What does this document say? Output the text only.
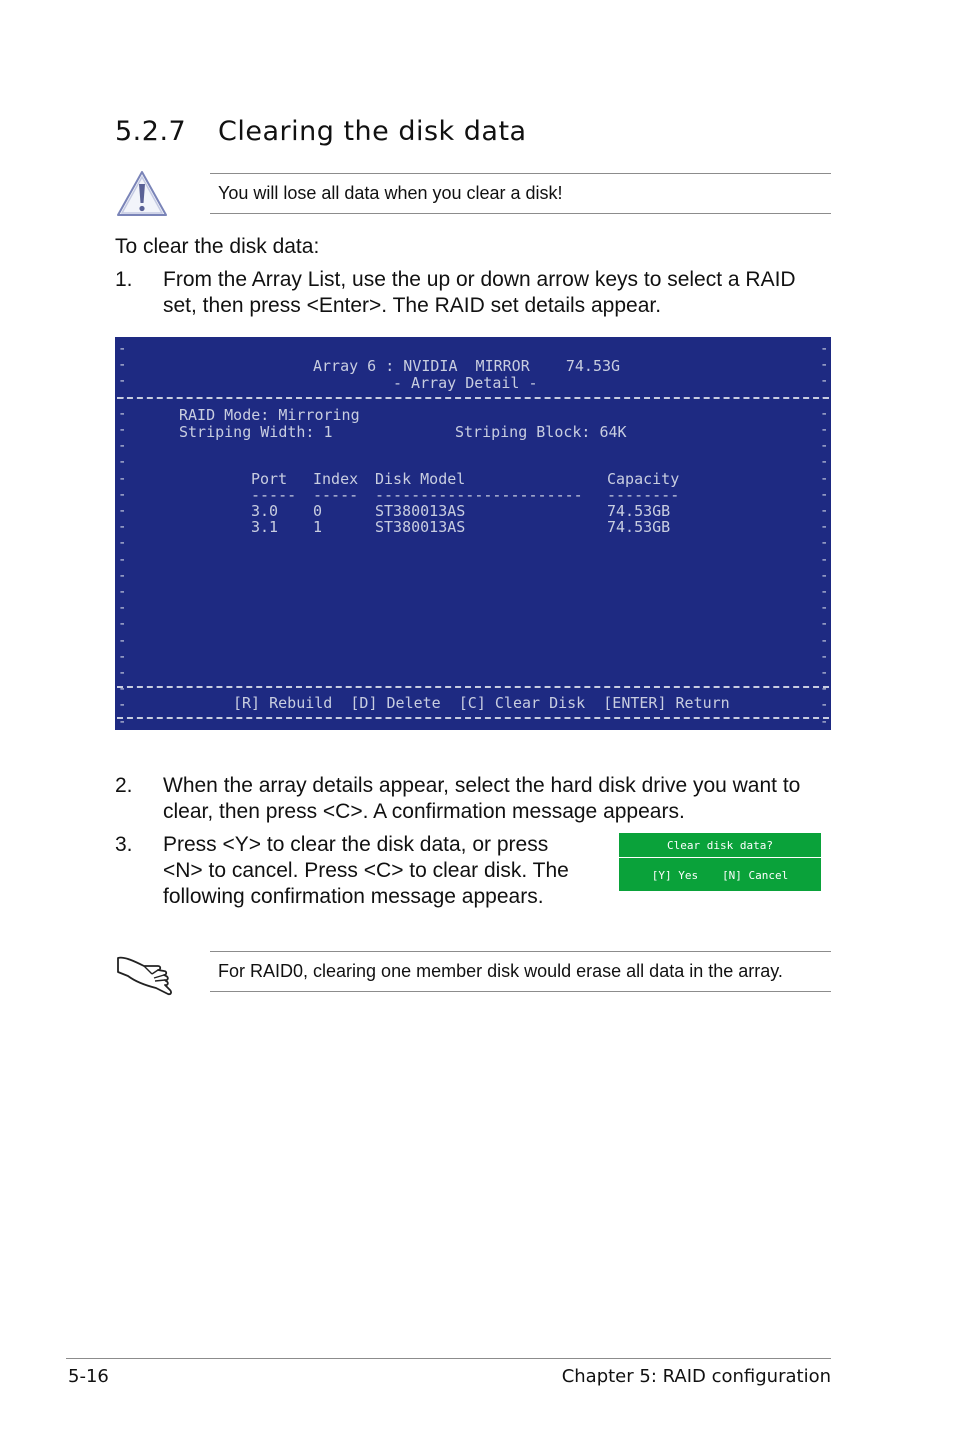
5.2.7 Clearing the disk data
You will lose all data when you clear a disk!
To clear the disk data:
1. From the Array List, use the up or down arrow keys to select a RAID
set, then press <Enter>. The RAID set details appear.
-
-
-
-
-
-
-
-
-
-
-
-
-
-
-
-
-
-
-
-
-
-
-
-
-
-
-
-
-
-
-
-
-
-
-
-
-
-
-
-
-
-
-
-
-
-
-
-
Array 6 : NVIDIA  MIRROR    74.53G
- Array Detail -
RAID Mode: Mirroring
Striping Width: 1	Striping Block: 64K
Port Index Disk Model	Capacity
----- ----- ----------------------- --------
3.0 0	ST380013AS	74.53GB
3.1 1	ST380013AS	74.53GB
[R] Rebuild  [D] Delete  [C] Clear Disk  [ENTER] Return
2. When the array details appear, select the hard disk drive you want to
clear, then press <C>. A confirmation message appears.
3. Press <Y> to clear the disk data, or press
<N> to cancel. Press <C> to clear disk. The
following confirmation message appears.
Clear disk data?
[Y] Yes [N] Cancel
For RAID0, clearing one member disk would erase all data in the array.
5-16	Chapter 5: RAID configuration
